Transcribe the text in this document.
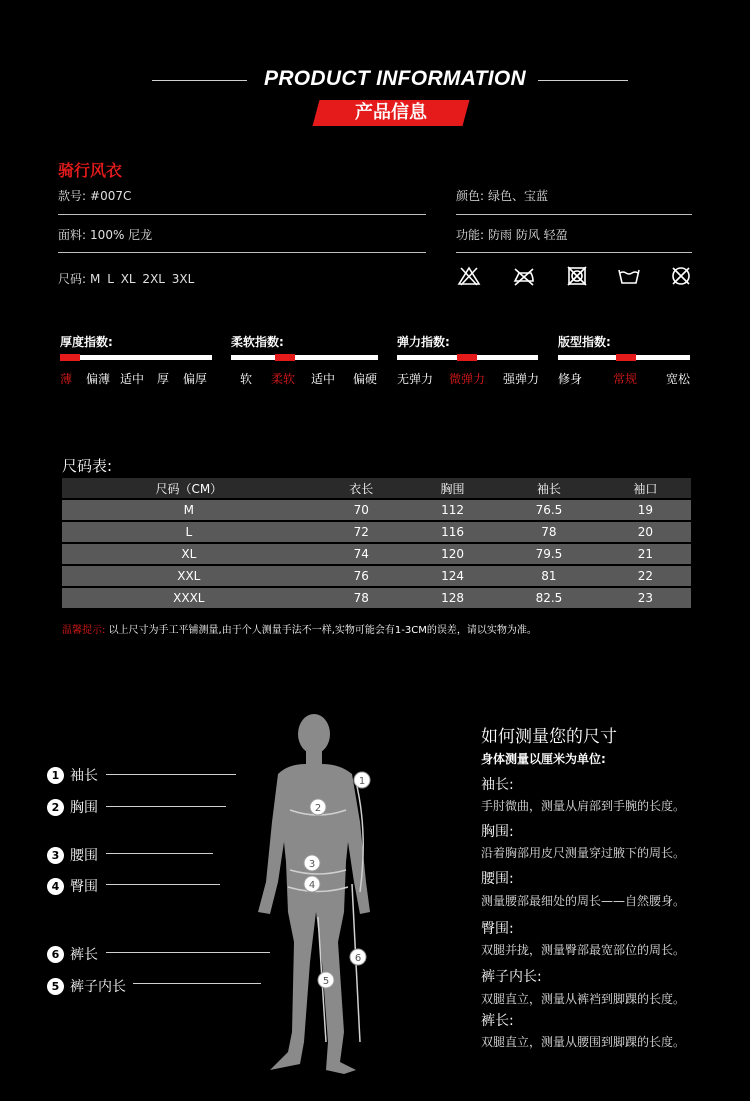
PRODUCT INFORMATION
产品信息
骑行风衣
款号: #007C	颜色: 绿色、宝蓝
面料: 100% 尼龙	功能: 防雨 防风 轻盈
尺码: M L XL 2XL 3XL
厚度指数:
薄 偏薄 适中 厚 偏厚
柔软指数:
软 柔软 适中 偏硬
弹力指数:
无弹力 微弹力 强弹力
版型指数:
修身	常规 宽松
尺码表:
尺码（CM）	衣长	胸围	袖长	袖口
M	70	112	76.5	19
L	72	116	78	20
XL	74	120	79.5	21
XXL	76	124	81	22
XXXL	78	128	82.5	23
温馨提示: 以上尺寸为手工平铺测量,由于个人测量手法不一样,实物可能会有1-3CM的误差，请以实物为准。
1 袖长
2 胸围
3 腰围
4 臀围
6 裤长
5 裤子内长
1
2
3
4
5
6
如何测量您的尺寸
身体测量以厘米为单位:
袖长:
手肘微曲，测量从肩部到手腕的长度。
胸围:
沿着胸部用皮尺测量穿过腋下的周长。
腰围:
测量腰部最细处的周长——自然腰身。
臀围:
双腿并拢，测量臀部最宽部位的周长。
裤子内长:
双腿直立，测量从裤裆到脚踝的长度。
裤长:
双腿直立，测量从腰围到脚踝的长度。
